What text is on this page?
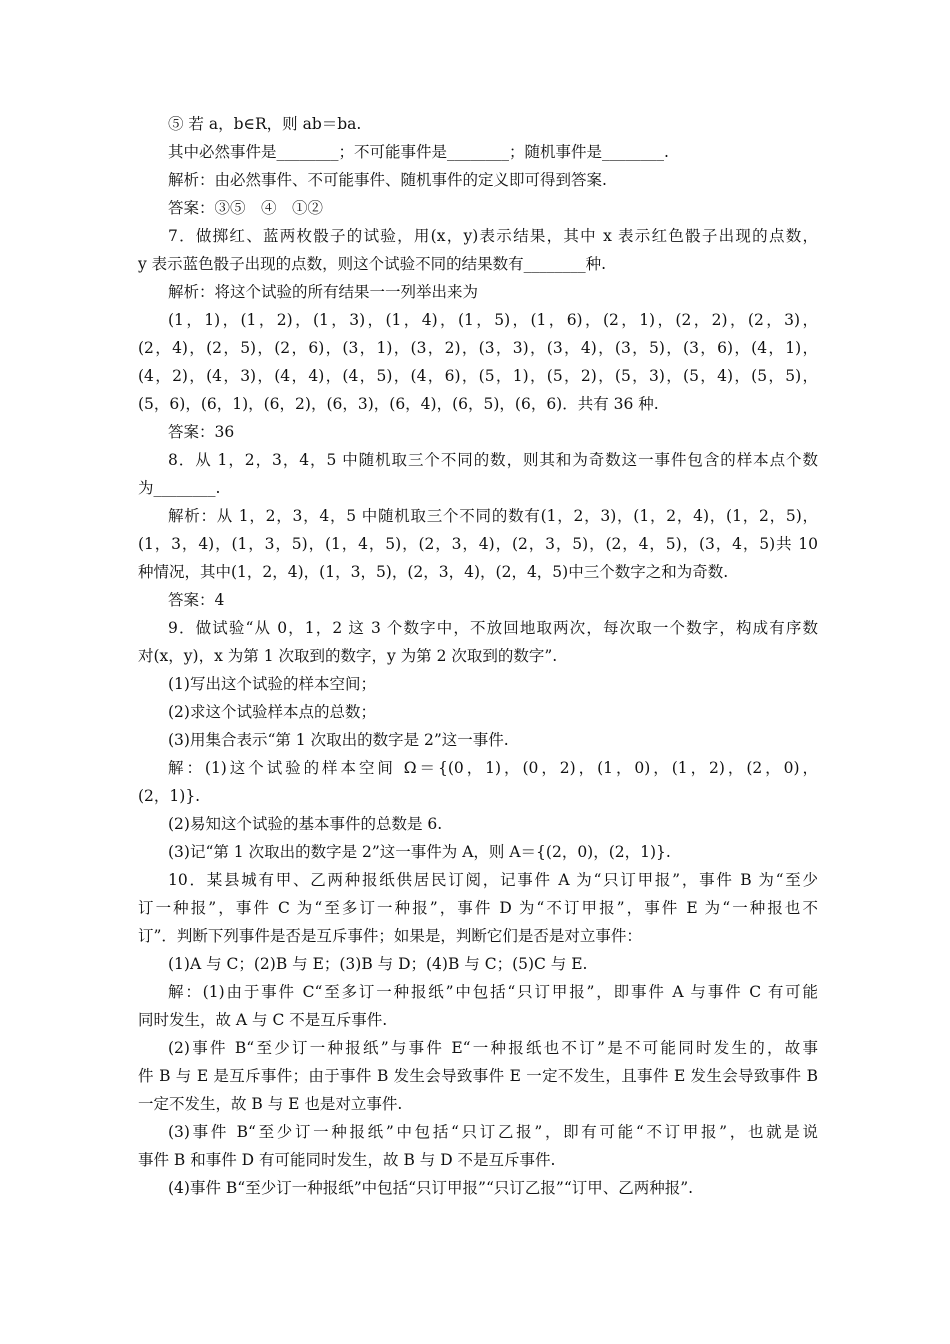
⑤ 若 a，b∈R，则 ab＝ba.

其中必然事件是________；不可能事件是________；随机事件是________.

解析：由必然事件、不可能事件、随机事件的定义即可得到答案.

答案：③⑤　④　①②

7．做掷红、蓝两枚骰子的试验，用(x，y)表示结果，其中 x 表示红色骰子出现的点数，

y 表示蓝色骰子出现的点数，则这个试验不同的结果数有________种.

解析：将这个试验的所有结果一一列举出来为

(1，1)，(1，2)，(1，3)，(1，4)，(1，5)，(1，6)，(2，1)，(2，2)，(2，3)，

(2，4)，(2，5)，(2，6)，(3，1)，(3，2)，(3，3)，(3，4)，(3，5)，(3，6)，(4，1)，

(4，2)，(4，3)，(4，4)，(4，5)，(4，6)，(5，1)，(5，2)，(5，3)，(5，4)，(5，5)，

(5，6)，(6，1)，(6，2)，(6，3)，(6，4)，(6，5)，(6，6)．共有 36 种.

答案：36

8．从 1，2，3，4，5 中随机取三个不同的数，则其和为奇数这一事件包含的样本点个数

为________.

解析：从 1，2，3，4，5 中随机取三个不同的数有(1，2，3)，(1，2，4)，(1，2，5)，

(1，3，4)，(1，3，5)，(1，4，5)，(2，3，4)，(2，3，5)，(2，4，5)，(3，4，5)共 10

种情况，其中(1，2，4)，(1，3，5)，(2，3，4)，(2，4，5)中三个数字之和为奇数.

答案：4

9．做试验“从 0，1，2 这 3 个数字中，不放回地取两次，每次取一个数字，构成有序数

对(x，y)，x 为第 1 次取到的数字，y 为第 2 次取到的数字”.

(1)写出这个试验的样本空间；

(2)求这个试验样本点的总数；

(3)用集合表示“第 1 次取出的数字是 2”这一事件.

解：(1)这个试验的样本空间 Ω＝{(0，1)，(0，2)，(1，0)，(1，2)，(2，0)，

(2，1)}.

(2)易知这个试验的基本事件的总数是 6.

(3)记“第 1 次取出的数字是 2”这一事件为 A，则 A＝{(2，0)，(2，1)}.

10．某县城有甲、乙两种报纸供居民订阅，记事件 A 为“只订甲报”，事件 B 为“至少

订一种报”，事件 C 为“至多订一种报”，事件 D 为“不订甲报”，事件 E 为“一种报也不

订”．判断下列事件是否是互斥事件；如果是，判断它们是否是对立事件：

(1)A 与 C；(2)B 与 E；(3)B 与 D；(4)B 与 C；(5)C 与 E.

解：(1)由于事件 C“至多订一种报纸”中包括“只订甲报”，即事件 A 与事件 C 有可能

同时发生，故 A 与 C 不是互斥事件.

(2)事件 B“至少订一种报纸”与事件 E“一种报纸也不订”是不可能同时发生的，故事

件 B 与 E 是互斥事件；由于事件 B 发生会导致事件 E 一定不发生，且事件 E 发生会导致事件 B

一定不发生，故 B 与 E 也是对立事件.

(3)事件 B“至少订一种报纸”中包括“只订乙报”，即有可能“不订甲报”，也就是说

事件 B 和事件 D 有可能同时发生，故 B 与 D 不是互斥事件.

(4)事件 B“至少订一种报纸”中包括“只订甲报”“只订乙报”“订甲、乙两种报”.
